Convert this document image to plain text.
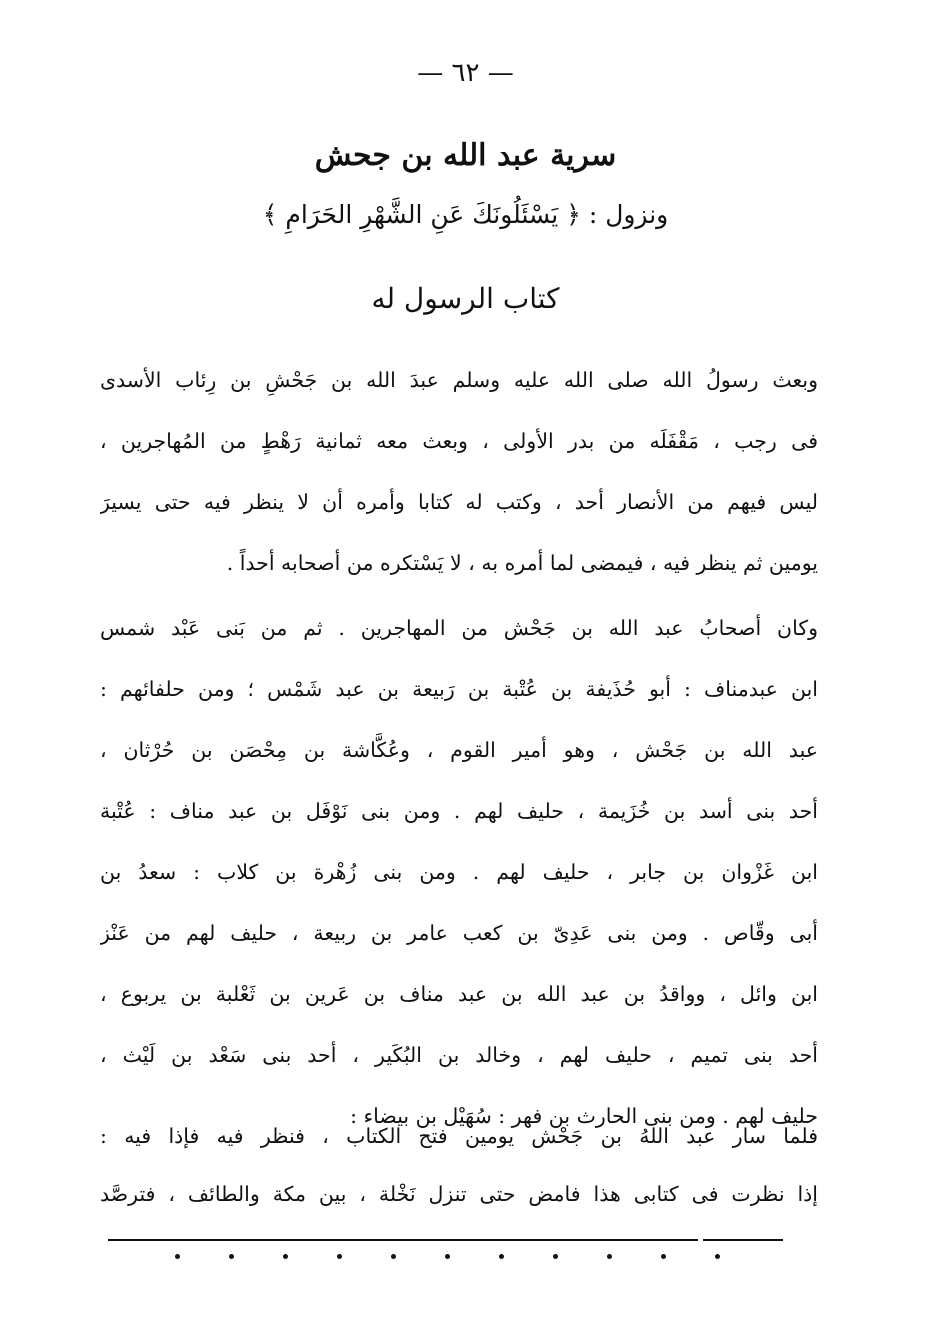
— ٦٢ —
سرية عبد الله بن جحش
ونزول : ﴿ يَسْئَلُونَكَ عَنِ الشَّهْرِ الحَرَامِ ﴾
كتاب الرسول له
وبعث رسولُ الله صلى الله عليه وسلم عبدَ الله بن جَحْشِ بن رِئاب الأسدى
فى رجب ، مَقْفَلَه من بدر الأولى ، وبعث معه ثمانية رَهْطٍ من المُهاجرين ،
ليس فيهم من الأنصار أحد ، وكتب له كتابا وأمره أن لا ينظر فيه حتى يسيرَ
يومين ثم ينظر فيه ، فيمضى لما أمره به ، لا يَسْتكره من أصحابه أحداً .
وكان أصحابُ عبد الله بن جَحْش من المهاجرين . ثم من بَنى عَبْد شمس
ابن عبدمناف : أبو حُذَيفة بن عُتْبة بن رَبيعة بن عبد شَمْس ؛ ومن حلفائهم :
عبد الله بن جَحْش ، وهو أمير القوم ، وعُكَّاشة بن مِحْصَن بن حُرْثان ،
أحد بنى أسد بن خُزَيمة ، حليف لهم . ومن بنى نَوْفَل بن عبد مناف : عُتْبة
ابن غَزْوان بن جابر ، حليف لهم . ومن بنى زُهْرة بن كلاب : سعدُ بن
أبى وقّاص . ومن بنى عَدِىّ بن كعب عامر بن ربيعة ، حليف لهم من عَنْز
ابن وائل ، وواقدُ بن عبد الله بن عبد مناف بن عَرين بن ثَعْلبة بن يربوع ،
أحد بنى تميم ، حليف لهم ، وخالد بن البُكَير ، أحد بنى سَعْد بن لَيْث ،
حليف لهم . ومن بنى الحارث بن فهر : سُهَيْل بن بيضاء :
فلما سار عبد اللهُ بن جَحْش يومين فتح الكتاب ، فنظر فيه فإذا فيه :
إذا نظرت فى كتابى هذا فامض حتى تنزل نَخْلة ، بين مكة والطائف ، فترصَّد
